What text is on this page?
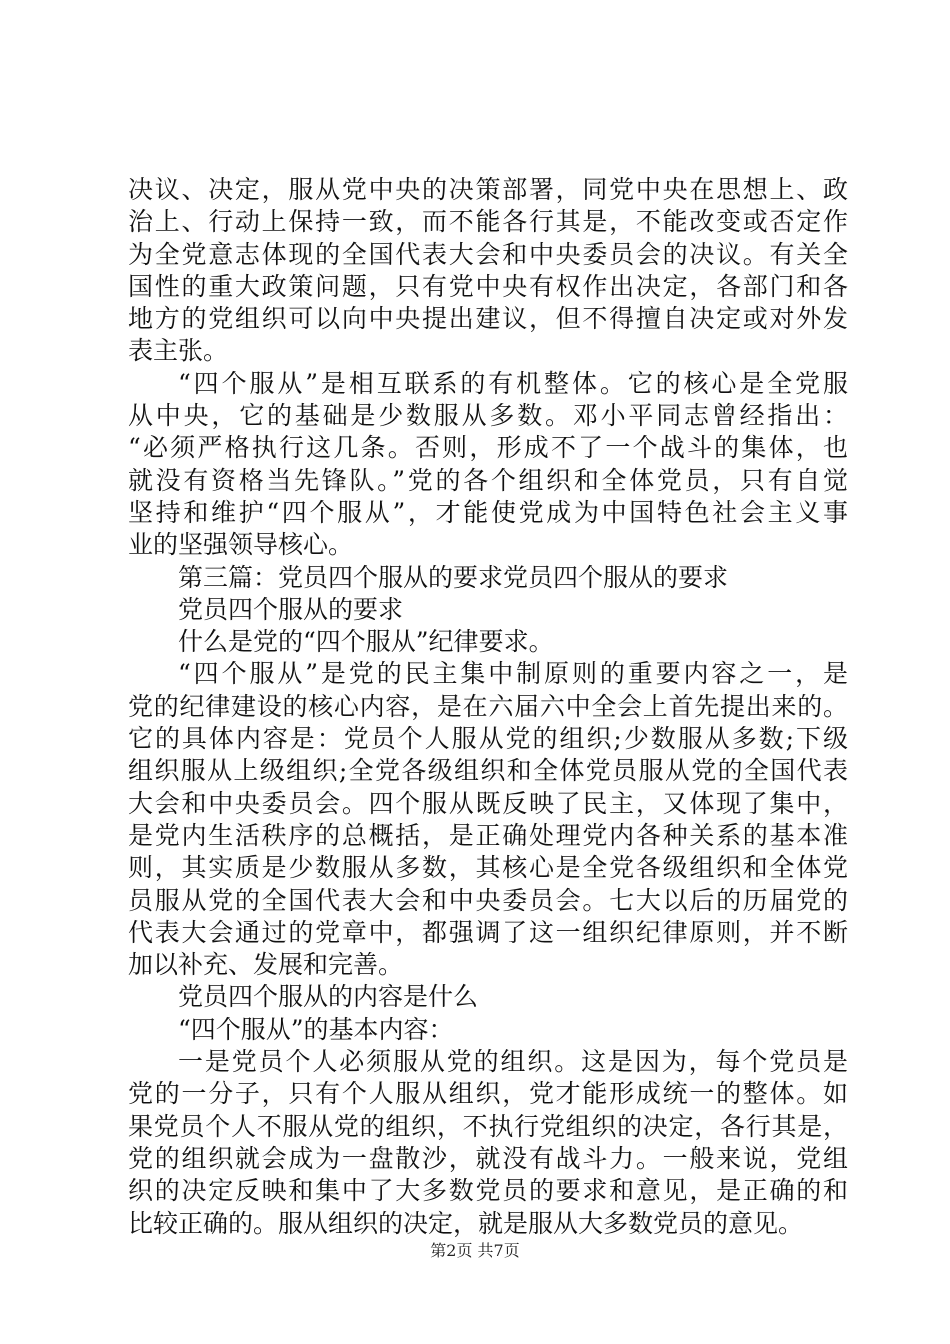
决议、决定，服从党中央的决策部署，同党中央在思想上、政
治上、行动上保持一致，而不能各行其是，不能改变或否定作
为全党意志体现的全国代表大会和中央委员会的决议。有关全
国性的重大政策问题，只有党中央有权作出决定，各部门和各
地方的党组织可以向中央提出建议，但不得擅自决定或对外发
表主张。
“四个服从”是相互联系的有机整体。它的核心是全党服
从中央，它的基础是少数服从多数。邓小平同志曾经指出：
“必须严格执行这几条。否则，形成不了一个战斗的集体，也
就没有资格当先锋队。”党的各个组织和全体党员，只有自觉
坚持和维护“四个服从”，才能使党成为中国特色社会主义事
业的坚强领导核心。
第三篇：党员四个服从的要求党员四个服从的要求
党员四个服从的要求
什么是党的“四个服从”纪律要求。
“四个服从”是党的民主集中制原则的重要内容之一，是
党的纪律建设的核心内容，是在六届六中全会上首先提出来的。
它的具体内容是：党员个人服从党的组织;少数服从多数;下级
组织服从上级组织;全党各级组织和全体党员服从党的全国代表
大会和中央委员会。四个服从既反映了民主，又体现了集中，
是党内生活秩序的总概括，是正确处理党内各种关系的基本准
则，其实质是少数服从多数，其核心是全党各级组织和全体党
员服从党的全国代表大会和中央委员会。七大以后的历届党的
代表大会通过的党章中，都强调了这一组织纪律原则，并不断
加以补充、发展和完善。
党员四个服从的内容是什么
“四个服从”的基本内容：
一是党员个人必须服从党的组织。这是因为，每个党员是
党的一分子，只有个人服从组织，党才能形成统一的整体。如
果党员个人不服从党的组织，不执行党组织的决定，各行其是，
党的组织就会成为一盘散沙，就没有战斗力。一般来说，党组
织的决定反映和集中了大多数党员的要求和意见，是正确的和
比较正确的。服从组织的决定，就是服从大多数党员的意见。
第2页 共7页
